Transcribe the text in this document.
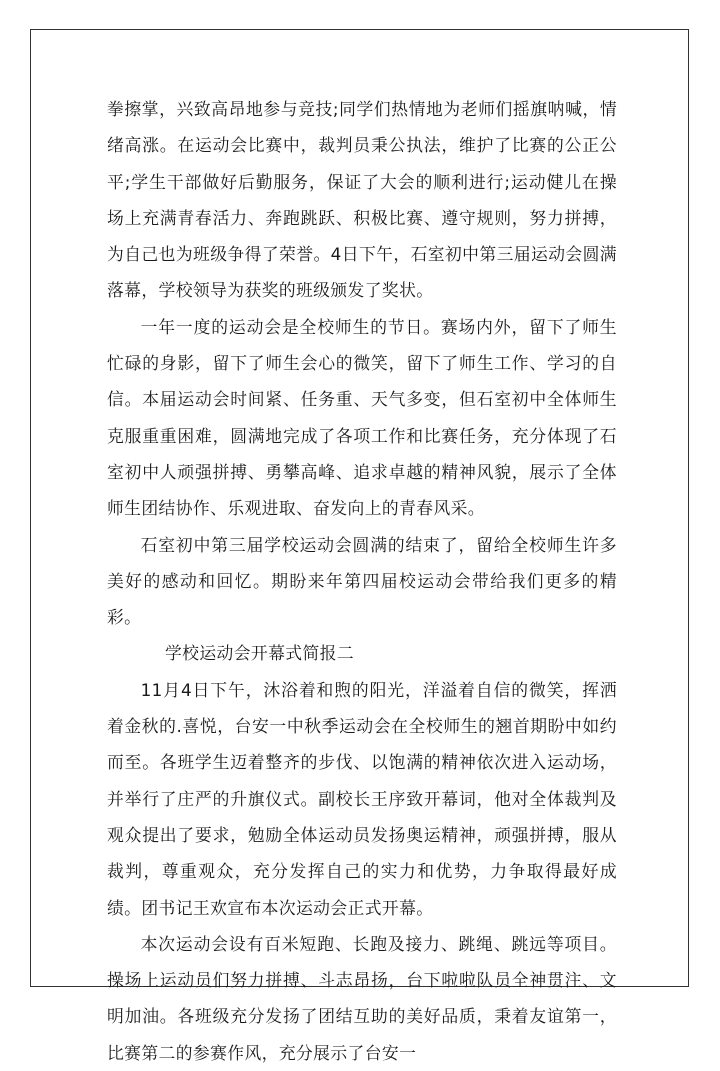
拳擦掌，兴致高昂地参与竞技;同学们热情地为老师们摇旗呐喊，情绪高涨。在运动会比赛中，裁判员秉公执法，维护了比赛的公正公平;学生干部做好后勤服务，保证了大会的顺利进行;运动健儿在操场上充满青春活力、奔跑跳跃、积极比赛、遵守规则，努力拼搏，为自己也为班级争得了荣誉。4日下午，石室初中第三届运动会圆满落幕，学校领导为获奖的班级颁发了奖状。

一年一度的运动会是全校师生的节日。赛场内外，留下了师生忙碌的身影，留下了师生会心的微笑，留下了师生工作、学习的自信。本届运动会时间紧、任务重、天气多变，但石室初中全体师生克服重重困难，圆满地完成了各项工作和比赛任务，充分体现了石室初中人顽强拼搏、勇攀高峰、追求卓越的精神风貌，展示了全体师生团结协作、乐观进取、奋发向上的青春风采。

石室初中第三届学校运动会圆满的结束了，留给全校师生许多美好的感动和回忆。期盼来年第四届校运动会带给我们更多的精彩。

学校运动会开幕式简报二

11月4日下午，沐浴着和煦的阳光，洋溢着自信的微笑，挥洒着金秋的.喜悦，台安一中秋季运动会在全校师生的翘首期盼中如约而至。各班学生迈着整齐的步伐、以饱满的精神依次进入运动场，并举行了庄严的升旗仪式。副校长王序致开幕词，他对全体裁判及观众提出了要求，勉励全体运动员发扬奥运精神，顽强拼搏，服从裁判，尊重观众，充分发挥自己的实力和优势，力争取得最好成绩。团书记王欢宣布本次运动会正式开幕。

本次运动会设有百米短跑、长跑及接力、跳绳、跳远等项目。操场上运动员们努力拼搏、斗志昂扬，台下啦啦队员全神贯注、文明加油。各班级充分发扬了团结互助的美好品质，秉着友谊第一，比赛第二的参赛作风，充分展示了台安一
